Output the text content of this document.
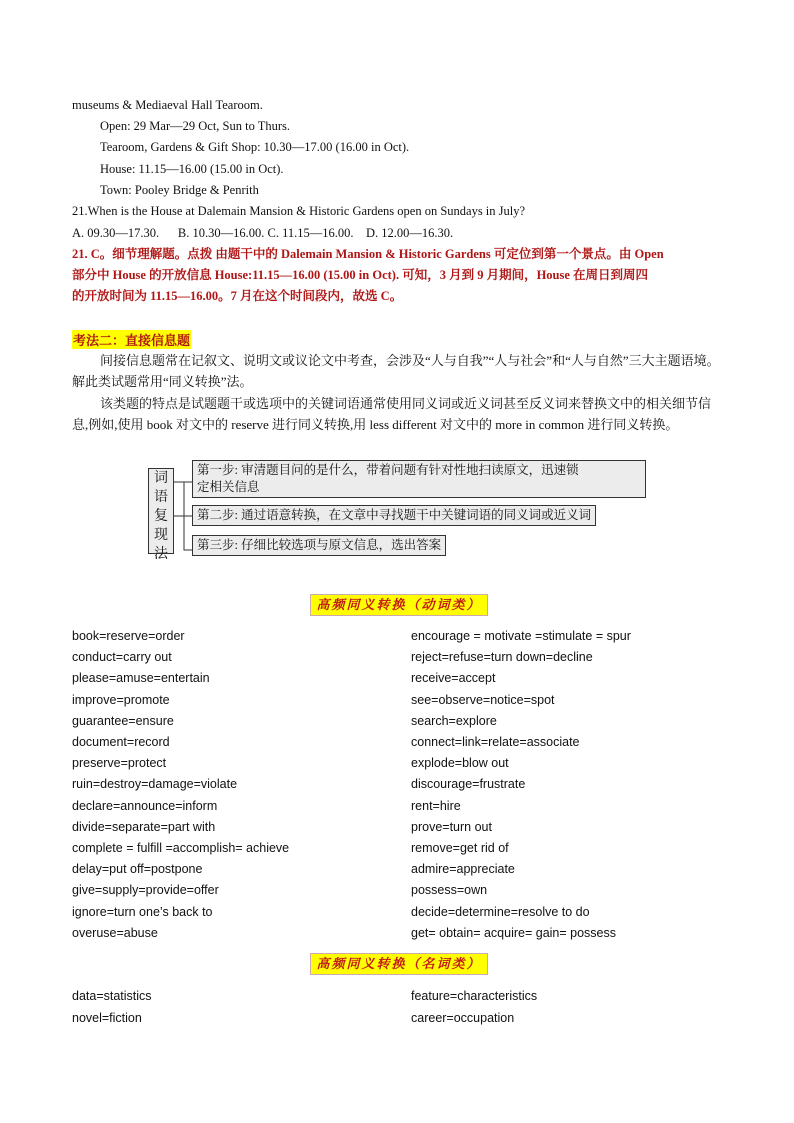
museums & Mediaeval Hall Tearoom.
Open: 29 Mar—29 Oct, Sun to Thurs.
Tearoom, Gardens & Gift Shop: 10.30—17.00 (16.00 in Oct).
House: 11.15—16.00 (15.00 in Oct).
Town: Pooley Bridge & Penrith
21.When is the House at Dalemain Mansion & Historic Gardens open on Sundays in July?
A. 09.30—17.30.      B. 10.30—16.00. C. 11.15—16.00.    D. 12.00—16.30.
21. C。细节理解题。点拨 由题干中的 Dalemain Mansion & Historic Gardens 可定位到第一个景点。由 Open
部分中 House 的开放信息 House:11.15—16.00 (15.00 in Oct). 可知，3 月到 9 月期间，House 在周日到周四
的开放时间为 11.15—16.00。7 月在这个时间段内，故选 C。
考法二：直接信息题

间接信息题常在记叙文、说明文或议论文中考查，会涉及“人与自我”“人与社会”和“人与自然”三大主题语境。解此类试题常用“同义转换”法。

该类题的特点是试题题干或选项中的关键词语通常使用同义词或近义词甚至反义词来替换文中的相关细节信息,例如,使用 book 对文中的 reserve 进行同义转换,用 less different 对文中的 more in common 进行同义转换。

词
语
复
现
法
第一步: 审清题目问的是什么，带着问题有针对性地扫读原文，迅速锁
定相关信息
第二步: 通过语意转换，在文章中寻找题干中关键词语的同义词或近义词
第三步: 仔细比较选项与原文信息，选出答案
高频同义转换（动词类）
book=reserve=order
conduct=carry out
please=amuse=entertain
improve=promote
guarantee=ensure
document=record
preserve=protect
ruin=destroy=damage=violate
declare=announce=inform
divide=separate=part with
complete = fulfill =accomplish= achieve
delay=put off=postpone
give=supply=provide=offer
ignore=turn one’s back to
overuse=abuse
encourage = motivate =stimulate = spur
reject=refuse=turn down=decline
receive=accept
see=observe=notice=spot
search=explore
connect=link=relate=associate
explode=blow out
discourage=frustrate
rent=hire
prove=turn out
remove=get rid of
admire=appreciate
possess=own
decide=determine=resolve to do
get= obtain= acquire= gain= possess
高频同义转换（名词类）
data=statistics
novel=fiction
feature=characteristics
career=occupation
